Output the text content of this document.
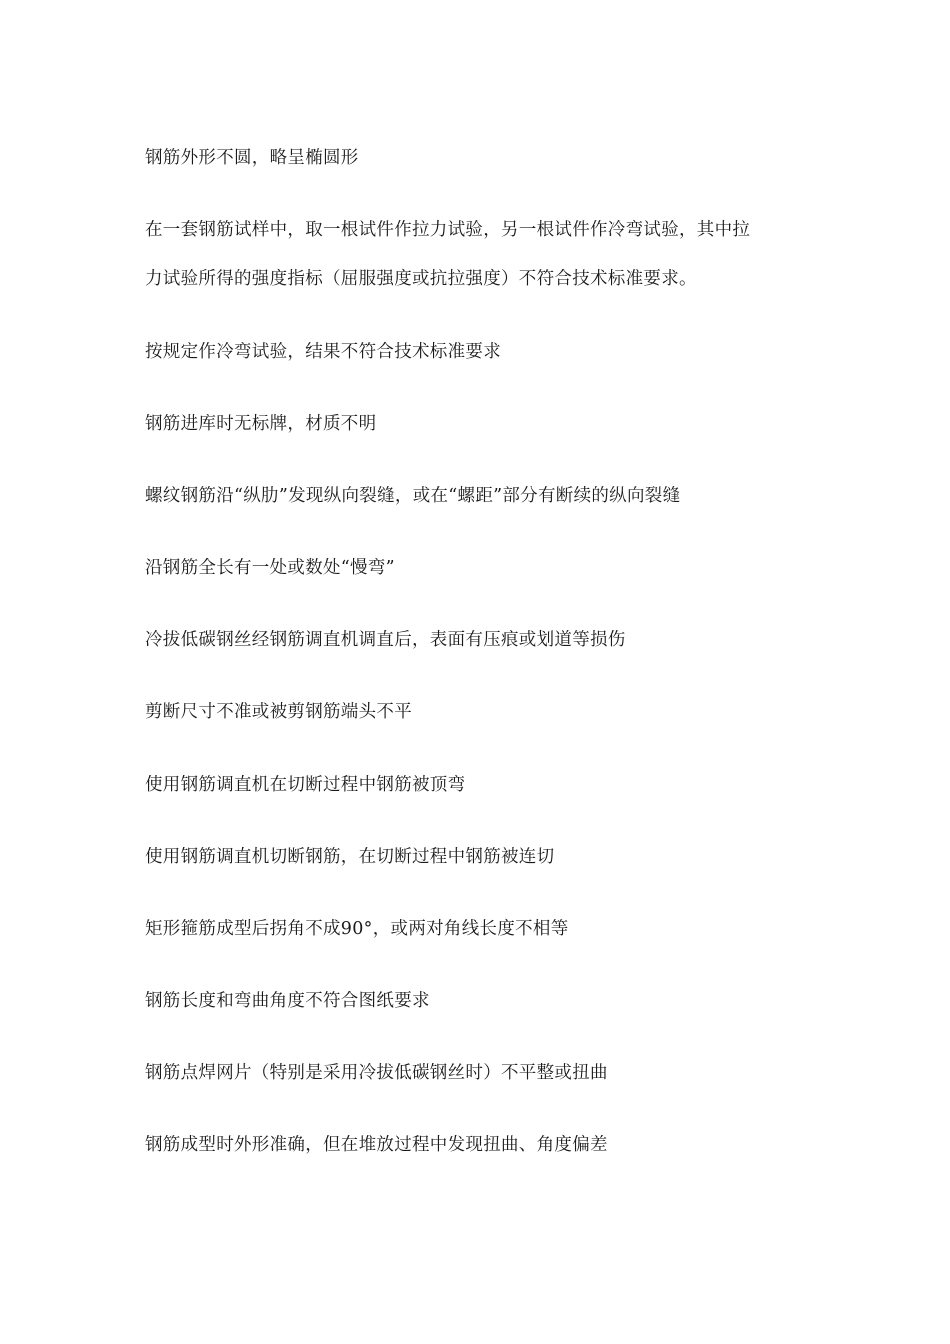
钢筋外形不圆，略呈椭圆形
在一套钢筋试样中，取一根试件作拉力试验，另一根试件作冷弯试验，其中拉
力试验所得的强度指标（屈服强度或抗拉强度）不符合技术标准要求。
按规定作冷弯试验，结果不符合技术标准要求
钢筋进库时无标牌，材质不明
螺纹钢筋沿“纵肋”发现纵向裂缝，或在“螺距”部分有断续的纵向裂缝
沿钢筋全长有一处或数处“慢弯”
冷拔低碳钢丝经钢筋调直机调直后，表面有压痕或划道等损伤
剪断尺寸不准或被剪钢筋端头不平
使用钢筋调直机在切断过程中钢筋被顶弯
使用钢筋调直机切断钢筋，在切断过程中钢筋被连切
矩形箍筋成型后拐角不成90°，或两对角线长度不相等
钢筋长度和弯曲角度不符合图纸要求
钢筋点焊网片（特别是采用冷拔低碳钢丝时）不平整或扭曲
钢筋成型时外形准确，但在堆放过程中发现扭曲、角度偏差
